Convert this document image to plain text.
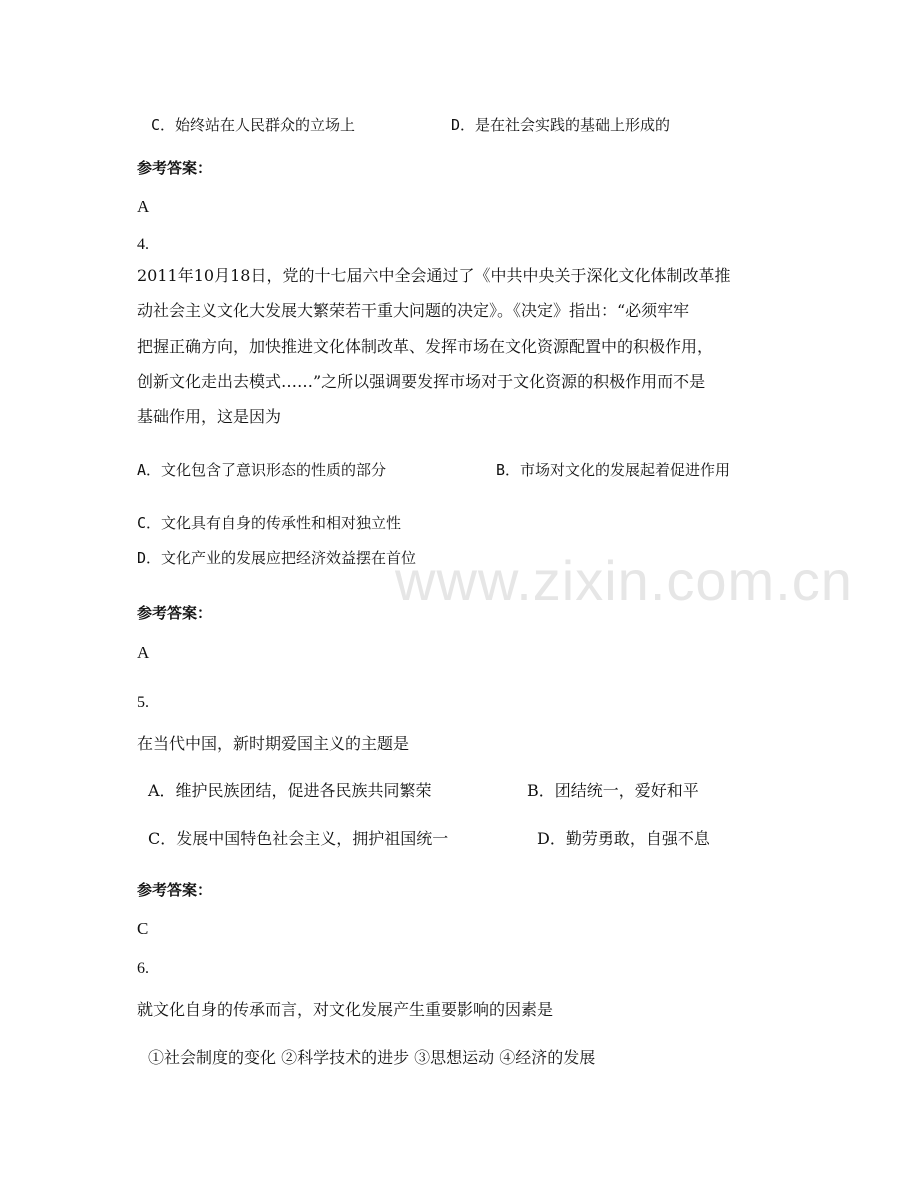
C．始终站在人民群众的立场上	D．是在社会实践的基础上形成的
参考答案：
A
4.
2011年10月18日，党的十七届六中全会通过了《中共中央关于深化文化体制改革推
动社会主义文化大发展大繁荣若干重大问题的决定》。《决定》指出：“必须牢牢
把握正确方向，加快推进文化体制改革、发挥市场在文化资源配置中的积极作用，
创新文化走出去模式……”之所以强调要发挥市场对于文化资源的积极作用而不是
基础作用，这是因为
A．文化包含了意识形态的性质的部分	B．市场对文化的发展起着促进作用
C．文化具有自身的传承性和相对独立性
D．文化产业的发展应把经济效益摆在首位
参考答案：
A
5.
在当代中国，新时期爱国主义的主题是
A．维护民族团结，促进各民族共同繁荣	B．团结统一，爱好和平
C．发展中国特色社会主义，拥护祖国统一	D．勤劳勇敢，自强不息
参考答案：
C
6.
就文化自身的传承而言，对文化发展产生重要影响的因素是
①社会制度的变化 ②科学技术的进步 ③思想运动 ④经济的发展
www.zixin.com.cn
